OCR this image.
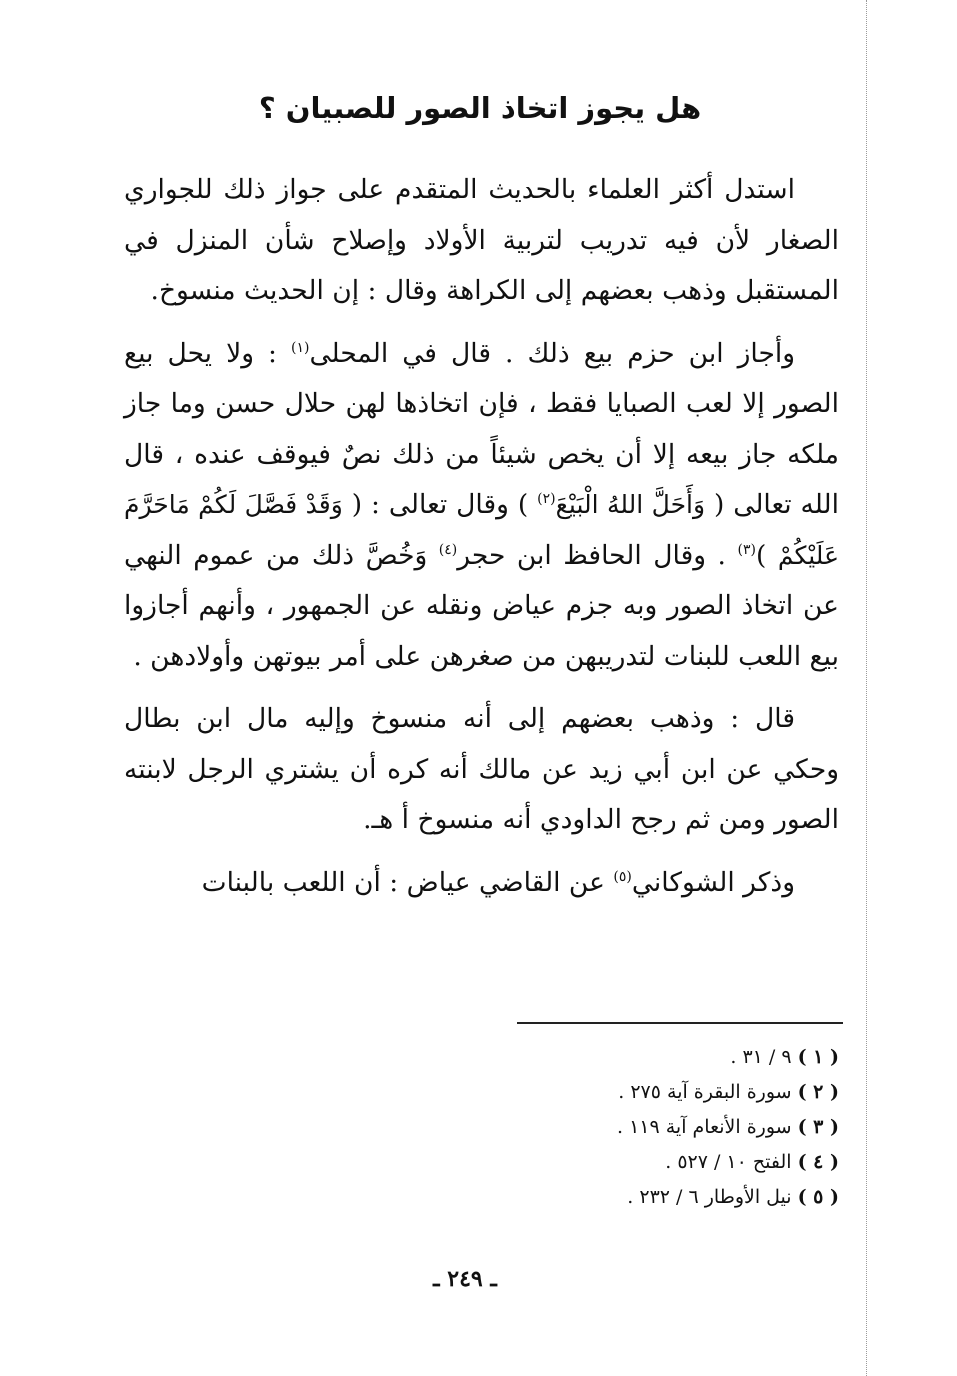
هل يجوز اتخاذ الصور للصبيان ؟

استدل أكثر العلماء بالحديث المتقدم على جواز ذلك للجواري الصغار لأن فيه تدريب لتربية الأولاد وإصلاح شأن المنزل في المستقبل وذهب بعضهم إلى الكراهة وقال : إن الحديث منسوخ.

وأجاز ابن حزم بيع ذلك . قال في المحلى$^{(١)}$ : ولا يحل بيع الصور إلا لعب الصبايا فقط ، فإن اتخاذها لهن حلال حسن وما جاز ملكه جاز بيعه إلا أن يخص شيئاً من ذلك نصٌ فيوقف عنده ، قال الله تعالى ( وَأَحَلَّ اللهُ الْبَيْعَ$^{(٢)}$ ) وقال تعالى : ( وَقَدْ فَصَّلَ لَكُمْ مَاحَرَّمَ عَلَيْكُمْ )$^{(٣)}$ . وقال الحافظ ابن حجر$^{(٤)}$ وَخُصَّ ذلك من عموم النهي عن اتخاذ الصور وبه جزم عياض ونقله عن الجمهور ، وأنهم أجازوا بيع اللعب للبنات لتدريبهن من صغرهن على أمر بيوتهن وأولادهن .

قال : وذهب بعضهم إلى أنه منسوخ وإليه مال ابن بطال وحكي عن ابن أبي زيد عن مالك أنه كره أن يشتري الرجل لابنته الصور ومن ثم رجح الداودي أنه منسوخ أ هـ.

وذكر الشوكاني$^{(٥)}$ عن القاضي عياض : أن اللعب بالبنات

( ١ )٩ / ٣١ .
( ٢ )سورة البقرة آية ٢٧٥ .
( ٣ )سورة الأنعام آية ١١٩ .
( ٤ )الفتح ١٠ / ٥٢٧ .
( ٥ )نيل الأوطار ٦ / ٢٣٢ .
ـ ٢٤٩ ـ
